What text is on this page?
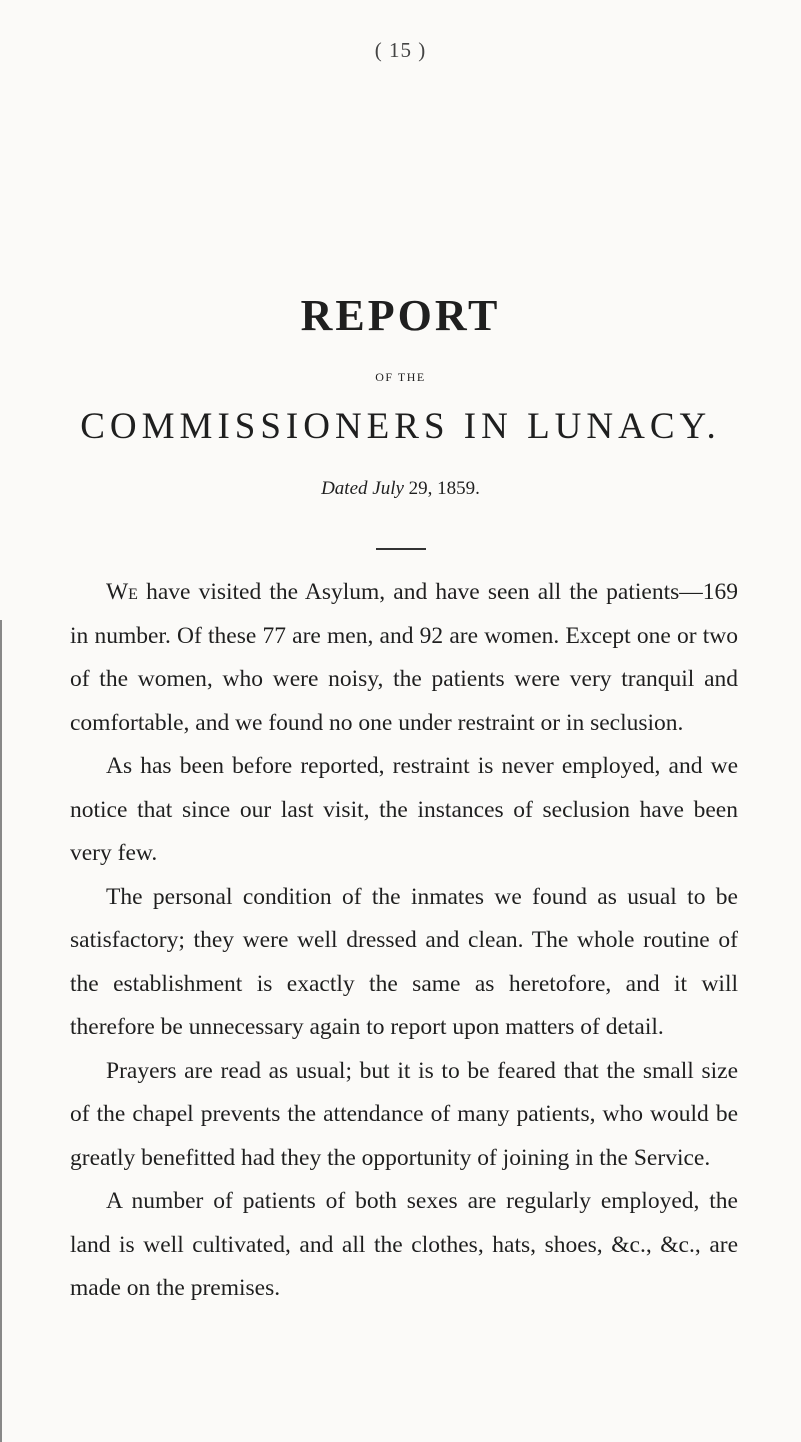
( 15 )
REPORT
OF THE
COMMISSIONERS IN LUNACY.
Dated July 29, 1859.

We have visited the Asylum, and have seen all the patients—169 in number. Of these 77 are men, and 92 are women. Except one or two of the women, who were noisy, the patients were very tranquil and comfortable, and we found no one under restraint or in seclusion.

As has been before reported, restraint is never employed, and we notice that since our last visit, the instances of seclusion have been very few.

The personal condition of the inmates we found as usual to be satisfactory; they were well dressed and clean. The whole routine of the establishment is exactly the same as heretofore, and it will therefore be unnecessary again to report upon matters of detail.

Prayers are read as usual; but it is to be feared that the small size of the chapel prevents the attendance of many patients, who would be greatly benefitted had they the opportunity of joining in the Service.

A number of patients of both sexes are regularly employed, the land is well cultivated, and all the clothes, hats, shoes, &c., &c., are made on the premises.
